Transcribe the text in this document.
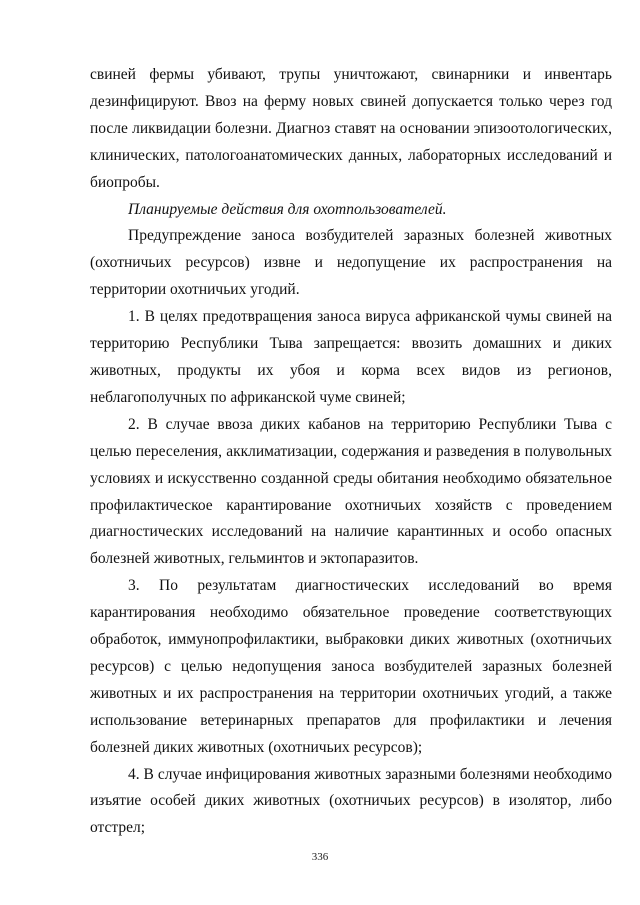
свиней фермы убивают, трупы уничтожают, свинарники и инвентарь дезинфицируют. Ввоз на ферму новых свиней допускается только через год после ликвидации болезни. Диагноз ставят на основании эпизоотологических, клинических, патологоанатомических данных, лабораторных исследований и биопробы.

Планируемые действия для охотпользователей.

Предупреждение заноса возбудителей заразных болезней животных (охотничьих ресурсов) извне и недопущение их распространения на территории охотничьих угодий.

1. В целях предотвращения заноса вируса африканской чумы свиней на территорию Республики Тыва запрещается: ввозить домашних и диких животных, продукты их убоя и корма всех видов из регионов, неблагополучных по африканской чуме свиней;

2. В случае ввоза диких кабанов на территорию Республики Тыва с целью переселения, акклиматизации, содержания и разведения в полувольных условиях и искусственно созданной среды обитания необходимо обязательное профилактическое карантирование охотничьих хозяйств с проведением диагностических исследований на наличие карантинных и особо опасных болезней животных, гельминтов и эктопаразитов.

3. По результатам диагностических исследований во время карантирования необходимо обязательное проведение соответствующих обработок, иммунопрофилактики, выбраковки диких животных (охотничьих ресурсов) с целью недопущения заноса возбудителей заразных болезней животных и их распространения на территории охотничьих угодий, а также использование ветеринарных препаратов для профилактики и лечения болезней диких животных (охотничьих ресурсов);

4. В случае инфицирования животных заразными болезнями необходимо изъятие особей диких животных (охотничьих ресурсов) в изолятор, либо отстрел;

336
